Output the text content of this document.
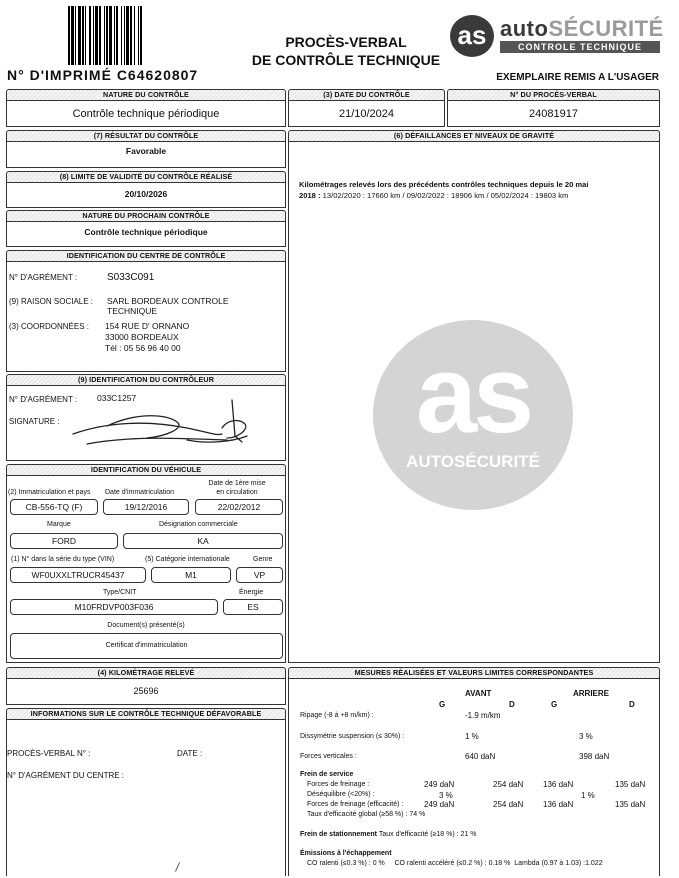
N° D'IMPRIMÉ C64620807
PROCÈS-VERBAL
DE CONTRÔLE TECHNIQUE
as autoSÉCURITÉ
CONTROLE TECHNIQUE
EXEMPLAIRE REMIS A L'USAGER
NATURE DU CONTRÔLE
Contrôle technique périodique
(3) DATE DU CONTRÔLE
21/10/2024
N° DU PROCÈS-VERBAL
24081917
(7) RÉSULTAT DU CONTRÔLE
Favorable
(8) LIMITE DE VALIDITÉ DU CONTRÔLE RÉALISÉ
20/10/2026
NATURE DU PROCHAIN CONTRÔLE
Contrôle technique périodique
IDENTIFICATION DU CENTRE DE CONTRÔLE
N° D'AGRÉMENT :	S033C091
(9) RAISON SOCIALE : SARL BORDEAUX CONTROLE
TECHNIQUE
(3) COORDONNÉES : 154 RUE D' ORNANO
33000 BORDEAUX
Tél : 05 56 96 40 00
(9) IDENTIFICATION DU CONTRÔLEUR
N° D'AGRÉMENT : 033C1257
SIGNATURE :
IDENTIFICATION DU VÉHICULE
(2) Immatriculation et pays Date d'immatriculation
Date de 1ère mise
en circulation
CB-556-TQ (F)	19/12/2016	22/02/2012
Marque	Désignation commerciale
FORD	KA
(1) N° dans la série du type (VIN)	(5) Catégorie internationale	Genre
WF0UXXLTRUCR45437	M1	VP
Type/CNIT	Énergie
M10FRDVP003F036	ES
Document(s) présenté(s)
Certificat d'immatriculation
(4) KILOMÉTRAGE RELEVÉ
25696
INFORMATIONS SUR LE CONTRÔLE TECHNIQUE DÉFAVORABLE
PROCÈS-VERBAL N° :	DATE :
N° D'AGRÉMENT DU CENTRE :
(6) DÉFAILLANCES ET NIVEAUX DE GRAVITÉ
Kilométrages relevés lors des précédents contrôles techniques depuis le 20 mai
2018 : 13/02/2020 : 17660 km / 09/02/2022 : 18906 km / 05/02/2024 : 19803 km
as
AUTOSÉCURITÉ
MESURES RÉALISÉES ET VALEURS LIMITES CORRESPONDANTES
AVANT	ARRIERE
G	D	G	D
Ripage (-8 à +8 m/km) :	-1.9 m/km
Dissymétrie suspension (≤ 30%) :	1 %	3 %
Forces verticales :	640 daN	398 daN
Frein de service
Forces de freinage :	249 daN	254 daN 136 daN	135 daN
Déséquilibre (<20%) :	3 %	1 %
Forces de freinage (efficacité) :	249 daN	254 daN 136 daN	135 daN
Taux d'efficacité global (≥58 %) : 74 %
Frein de stationnement Taux d'efficacité (≥18 %) : 21 %
Émissions à l'échappement
CO ralenti (≤0.3 %) : 0 %     CO ralenti accéléré (≤0.2 %) : 0.18 %  Lambda (0.97 à 1.03) :1.022
